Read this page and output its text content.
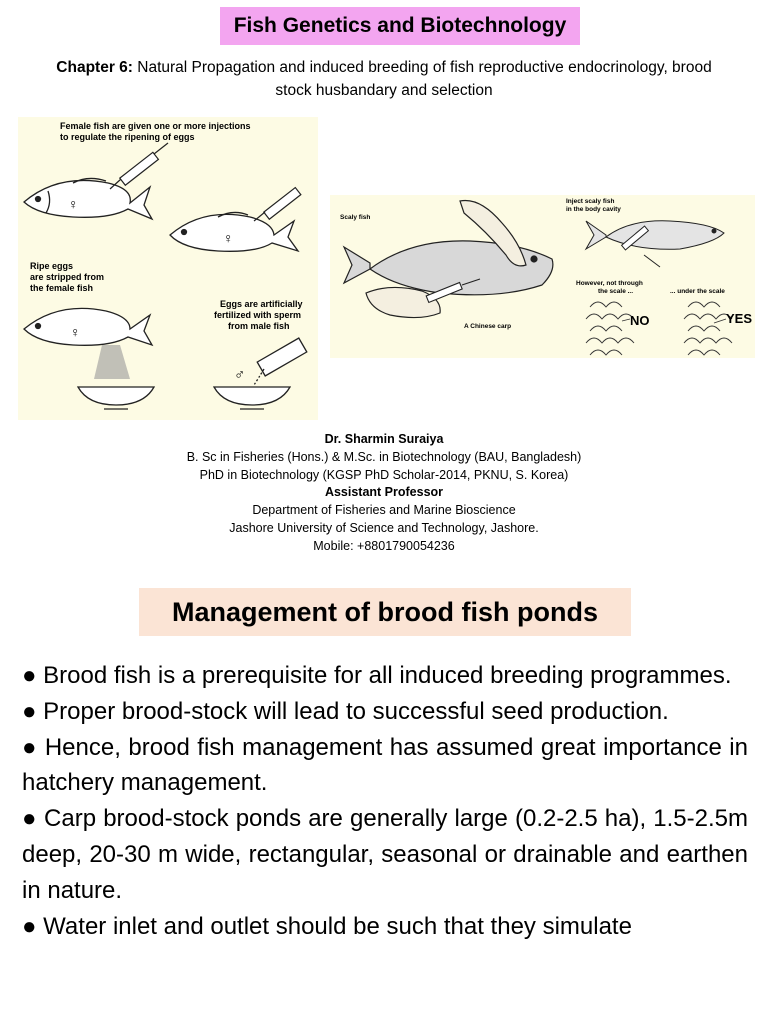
Fish Genetics and Biotechnology
Chapter 6: Natural Propagation and induced breeding of fish reproductive endocrinology, brood stock husbandary and selection
Female fish are given one or more injections
to regulate the ripening of eggs
♀
♀
Ripe eggs
are stripped from
the female fish
♀
Eggs are artificially
fertilized with sperm
from male fish
♂
Scaly fish
A Chinese carp
Inject scaly fish
in the body cavity
However, not through
the scale ...	... under the scale
NO	YES
Dr. Sharmin Suraiya
B. Sc in Fisheries (Hons.) & M.Sc. in Biotechnology (BAU, Bangladesh)
PhD in Biotechnology (KGSP PhD Scholar-2014, PKNU, S. Korea)
Assistant Professor
Department of Fisheries and Marine Bioscience
Jashore University of Science and Technology, Jashore.
Mobile: +8801790054236
Management of brood fish ponds

● Brood fish is a prerequisite for all induced breeding programmes.

● Proper brood-stock will lead to successful seed production.

● Hence, brood fish management has assumed great importance in hatchery management.

● Carp brood-stock ponds are generally large (0.2-2.5 ha), 1.5-2.5m deep, 20-30 m wide, rectangular, seasonal or drainable and earthen in nature.

● Water inlet and outlet should be such that they simulate
